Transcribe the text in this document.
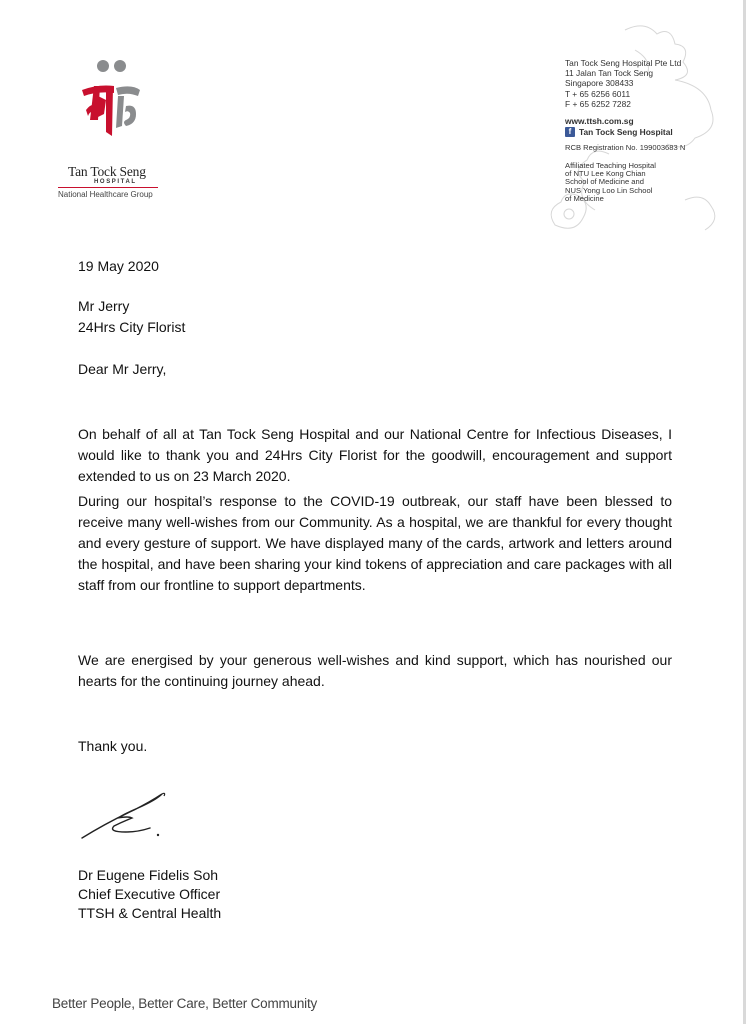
Tan Tock Seng
HOSPITAL
National Healthcare Group
Tan Tock Seng Hospital Pte Ltd
11 Jalan Tan Tock Seng
Singapore 308433
T + 65 6256 6011
F + 65 6252 7282
www.ttsh.com.sg
f Tan Tock Seng Hospital
RCB Registration No. 199003683 N
Affiliated Teaching Hospital
of NTU Lee Kong Chian
School of Medicine and
NUS Yong Loo Lin School
of Medicine
19 May 2020
Mr Jerry
24Hrs City Florist
Dear Mr Jerry,
On behalf of all at Tan Tock Seng Hospital and our National Centre for Infectious Diseases, I would like to thank you and 24Hrs City Florist for the goodwill, encouragement and support extended to us on 23 March 2020.
During our hospital’s response to the COVID-19 outbreak, our staff have been blessed to receive many well-wishes from our Community. As a hospital, we are thankful for every thought and every gesture of support. We have displayed many of the cards, artwork and letters around the hospital, and have been sharing your kind tokens of appreciation and care packages with all staff from our frontline to support departments.
We are energised by your generous well-wishes and kind support, which has nourished our hearts for the continuing journey ahead.
Thank you.
Dr Eugene Fidelis Soh
Chief Executive Officer
TTSH & Central Health
Better People, Better Care, Better Community
